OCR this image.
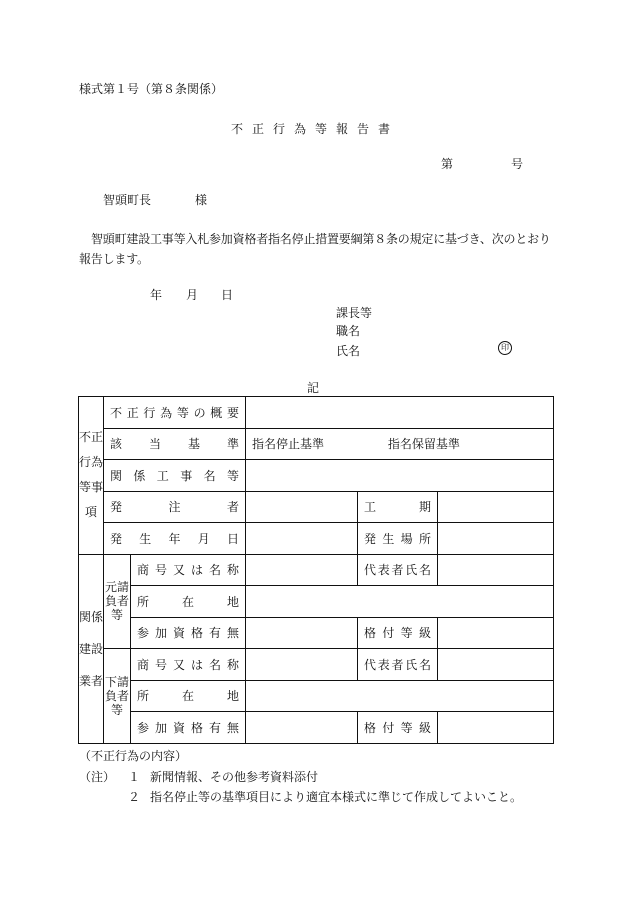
様式第１号（第８条関係）
不正行為等報告書
第	号
智頭町長	様
智頭町建設工事等入札参加資格者指名停止措置要綱第８条の規定に基づき、次のとおり報告します。
年 月 日
課長等
職名
氏名	印
記
不正行為等事項	不正行為等の概要				
	該当基準		指名停止基準 指名保留基準		
	関係工事名等				
	発注者			工期	
	発生年月日			発生場所	
関係建設業者	元請負者等	商号又は名称		代表者氏名	
		所在地			
		参加資格有無		格付等級	
	下請負者等	商号又は名称		代表者氏名	
		所在地			
		参加資格有無		格付等級	
（不正行為の内容）
（注） １ 新聞情報、その他参考資料添付
２ 指名停止等の基準項目により適宜本様式に準じて作成してよいこと。
